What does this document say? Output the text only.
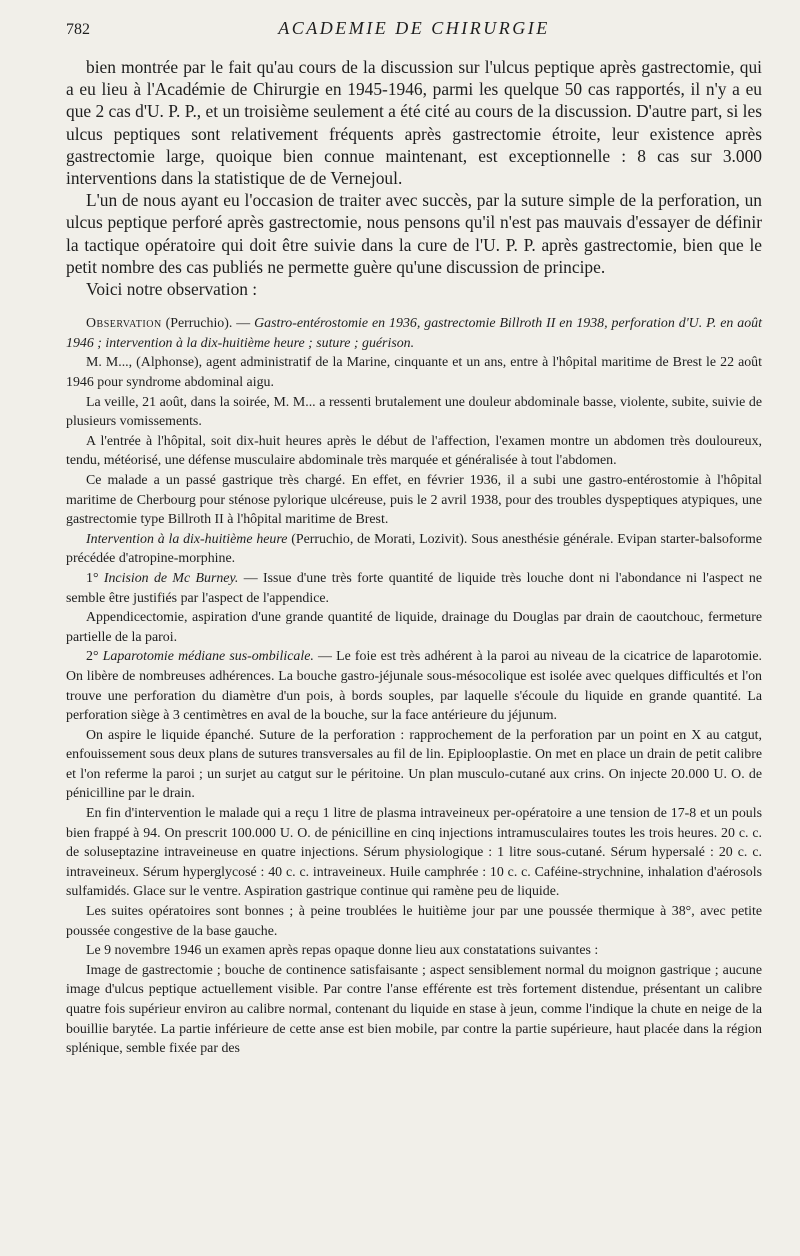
782	ACADEMIE DE CHIRURGIE

bien montrée par le fait qu'au cours de la discussion sur l'ulcus peptique après gastrectomie, qui a eu lieu à l'Académie de Chirurgie en 1945-1946, parmi les quelque 50 cas rapportés, il n'y a eu que 2 cas d'U. P. P., et un troisième seulement a été cité au cours de la discussion. D'autre part, si les ulcus peptiques sont relativement fréquents après gastrectomie étroite, leur existence après gastrectomie large, quoique bien connue maintenant, est exceptionnelle : 8 cas sur 3.000 interventions dans la statistique de de Vernejoul.

L'un de nous ayant eu l'occasion de traiter avec succès, par la suture simple de la perforation, un ulcus peptique perforé après gastrectomie, nous pensons qu'il n'est pas mauvais d'essayer de définir la tactique opératoire qui doit être suivie dans la cure de l'U. P. P. après gastrectomie, bien que le petit nombre des cas publiés ne permette guère qu'une discussion de principe.

Voici notre observation :

Observation (Perruchio). — Gastro-entérostomie en 1936, gastrectomie Billroth II en 1938, perforation d'U. P. en août 1946 ; intervention à la dix-huitième heure ; suture ; guérison.

M. M..., (Alphonse), agent administratif de la Marine, cinquante et un ans, entre à l'hôpital maritime de Brest le 22 août 1946 pour syndrome abdominal aigu.

La veille, 21 août, dans la soirée, M. M... a ressenti brutalement une douleur abdominale basse, violente, subite, suivie de plusieurs vomissements.

A l'entrée à l'hôpital, soit dix-huit heures après le début de l'affection, l'examen montre un abdomen très douloureux, tendu, météorisé, une défense musculaire abdominale très marquée et généralisée à tout l'abdomen.

Ce malade a un passé gastrique très chargé. En effet, en février 1936, il a subi une gastro-entérostomie à l'hôpital maritime de Cherbourg pour sténose pylorique ulcéreuse, puis le 2 avril 1938, pour des troubles dyspeptiques atypiques, une gastrectomie type Billroth II à l'hôpital maritime de Brest.

Intervention à la dix-huitième heure (Perruchio, de Morati, Lozivit). Sous anesthésie générale. Evipan starter-balsoforme précédée d'atropine-morphine.

1° Incision de Mc Burney. — Issue d'une très forte quantité de liquide très louche dont ni l'abondance ni l'aspect ne semble être justifiés par l'aspect de l'appendice.

Appendicectomie, aspiration d'une grande quantité de liquide, drainage du Douglas par drain de caoutchouc, fermeture partielle de la paroi.

2° Laparotomie médiane sus-ombilicale. — Le foie est très adhérent à la paroi au niveau de la cicatrice de laparotomie. On libère de nombreuses adhérences. La bouche gastro-jéjunale sous-mésocolique est isolée avec quelques difficultés et l'on trouve une perforation du diamètre d'un pois, à bords souples, par laquelle s'écoule du liquide en grande quantité. La perforation siège à 3 centimètres en aval de la bouche, sur la face antérieure du jéjunum.

On aspire le liquide épanché. Suture de la perforation : rapprochement de la perforation par un point en X au catgut, enfouissement sous deux plans de sutures transversales au fil de lin. Epiplooplastie. On met en place un drain de petit calibre et l'on referme la paroi ; un surjet au catgut sur le péritoine. Un plan musculo-cutané aux crins. On injecte 20.000 U. O. de pénicilline par le drain.

En fin d'intervention le malade qui a reçu 1 litre de plasma intraveineux per-opératoire a une tension de 17-8 et un pouls bien frappé à 94. On prescrit 100.000 U. O. de pénicilline en cinq injections intramusculaires toutes les trois heures. 20 c. c. de soluseptazine intraveineuse en quatre injections. Sérum physiologique : 1 litre sous-cutané. Sérum hypersalé : 20 c. c. intraveineux. Sérum hyperglycosé : 40 c. c. intraveineux. Huile camphrée : 10 c. c. Caféine-strychnine, inhalation d'aérosols sulfamidés. Glace sur le ventre. Aspiration gastrique continue qui ramène peu de liquide.

Les suites opératoires sont bonnes ; à peine troublées le huitième jour par une poussée thermique à 38°, avec petite poussée congestive de la base gauche.

Le 9 novembre 1946 un examen après repas opaque donne lieu aux constatations suivantes :

Image de gastrectomie ; bouche de continence satisfaisante ; aspect sensiblement normal du moignon gastrique ; aucune image d'ulcus peptique actuellement visible. Par contre l'anse efférente est très fortement distendue, présentant un calibre quatre fois supérieur environ au calibre normal, contenant du liquide en stase à jeun, comme l'indique la chute en neige de la bouillie barytée. La partie inférieure de cette anse est bien mobile, par contre la partie supérieure, haut placée dans la région splénique, semble fixée par des
